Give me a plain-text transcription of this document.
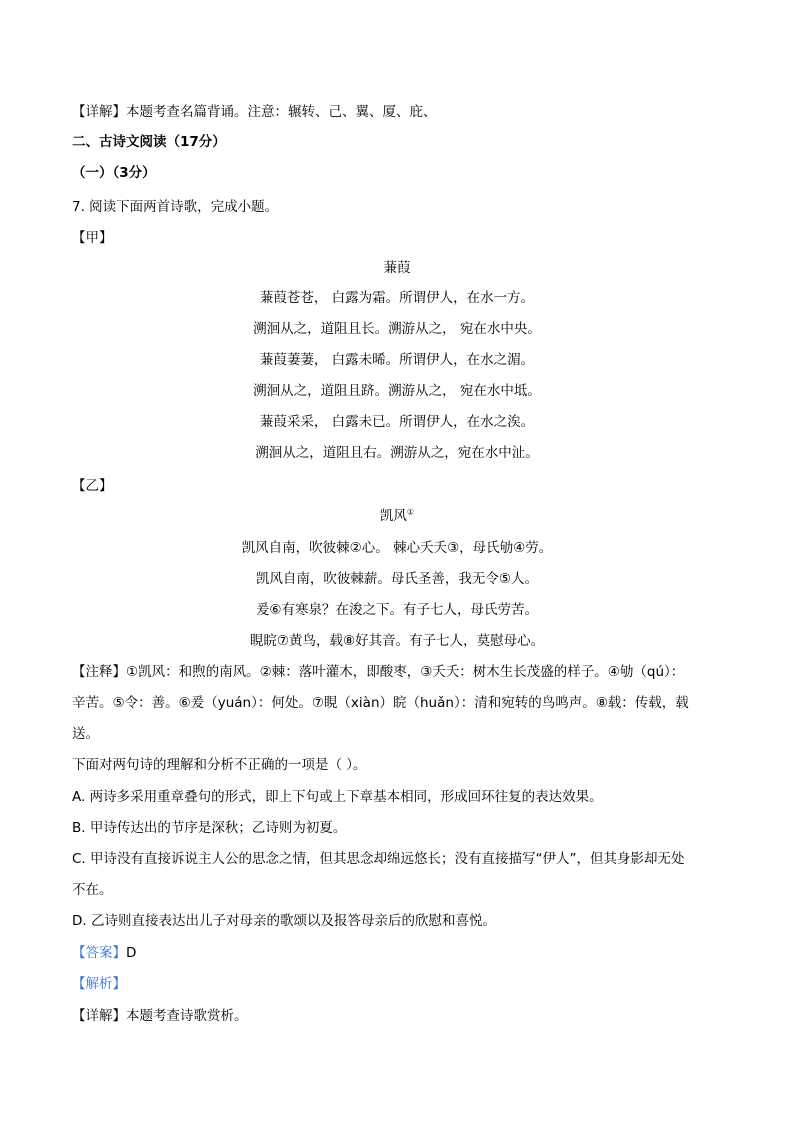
【详解】本题考查名篇背诵。注意：辗转、己、翼、厦、庇、
二、古诗文阅读（17分）
（一）（3分）
7. 阅读下面两首诗歌，完成小题。
【甲】
蒹葭
蒹葭苍苍， 白露为霜。所谓伊人，在水一方。
溯洄从之，道阻且长。溯游从之， 宛在水中央。
蒹葭萋萋， 白露未晞。所谓伊人，在水之湄。
溯洄从之，道阻且跻。溯游从之， 宛在水中坻。
蒹葭采采， 白露未已。所谓伊人，在水之涘。
溯洄从之，道阻且右。溯游从之，宛在水中沚。
【乙】
凯风①
凯风自南，吹彼棘②心。 棘心夭夭③，母氏劬④劳。
凯风自南，吹彼棘薪。母氏圣善，我无令⑤人。
爰⑥有寒泉？在浚之下。有子七人，母氏劳苦。
睍睆⑦黄鸟，载⑧好其音。有子七人，莫慰母心。
【注释】①凯风：和煦的南风。②棘：落叶灌木，即酸枣，③夭夭：树木生长茂盛的样子。④劬（qú）：
辛苦。⑤令：善。⑥爰（yuán）：何处。⑦睍（xiàn）睆（huǎn）：清和宛转的鸟鸣声。⑧载：传载，载
送。
下面对两句诗的理解和分析不正确的一项是（ ）。
A. 两诗多采用重章叠句的形式，即上下句或上下章基本相同，形成回环往复的表达效果。
B. 甲诗传达出的节序是深秋；乙诗则为初夏。
C. 甲诗没有直接诉说主人公的思念之情，但其思念却绵远悠长；没有直接描写“伊人”，但其身影却无处
不在。
D. 乙诗则直接表达出儿子对母亲的歌颂以及报答母亲后的欣慰和喜悦。
【答案】D
【解析】
【详解】本题考查诗歌赏析。
